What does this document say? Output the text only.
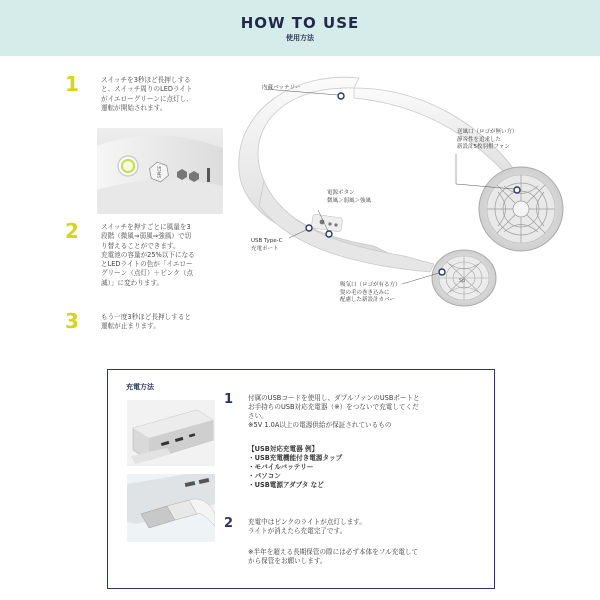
HOW TO USE
使用方法
1	スイッチを3秒ほど長押しする
と、スイッチ周りのLEDライト
がイエローグリーンに点灯し、
運転が開始されます。
SPICE
2	スイッチを押すごとに風量を3
段階（微風⇒弱風⇒強風）で切
り替えることができます。
充電池の容量が25%以下になる
とLEDライトの色が「イエロー
グリーン（点灯）＋ピンク（点
滅）」に変わります。
3	もう一度3秒ほど長押しすると
運転が止まります。
Sp
内蔵バッテリー
送風口（ロゴが無い方）
静音性を追求した
新設計5枚羽根ファン
電源ボタン
微風＞弱風＞強風
USB Type-C
充電ポート
吸気口（ロゴが有る方）
髪の毛の巻き込みに
配慮した新設計カバー
充電方法
1 付属のUSBコードを使用し、ダブルファンのUSBポートと
お手持ちのUSB対応充電器（※）をつないで充電してくだ
さい。
※5V 1.0A以上の電源供給が保証されているもの
【USB対応充電器 例】
・USB充電機能付き電源タップ
・モバイルバッテリー
・パソコン
・USB電源アダプタ など
2 充電中はピンクのライトが点灯します。
ライトが消えたら充電完了です。
※半年を超える長期保管の際には必ず本体をフル充電して
から保管をお願いします。
